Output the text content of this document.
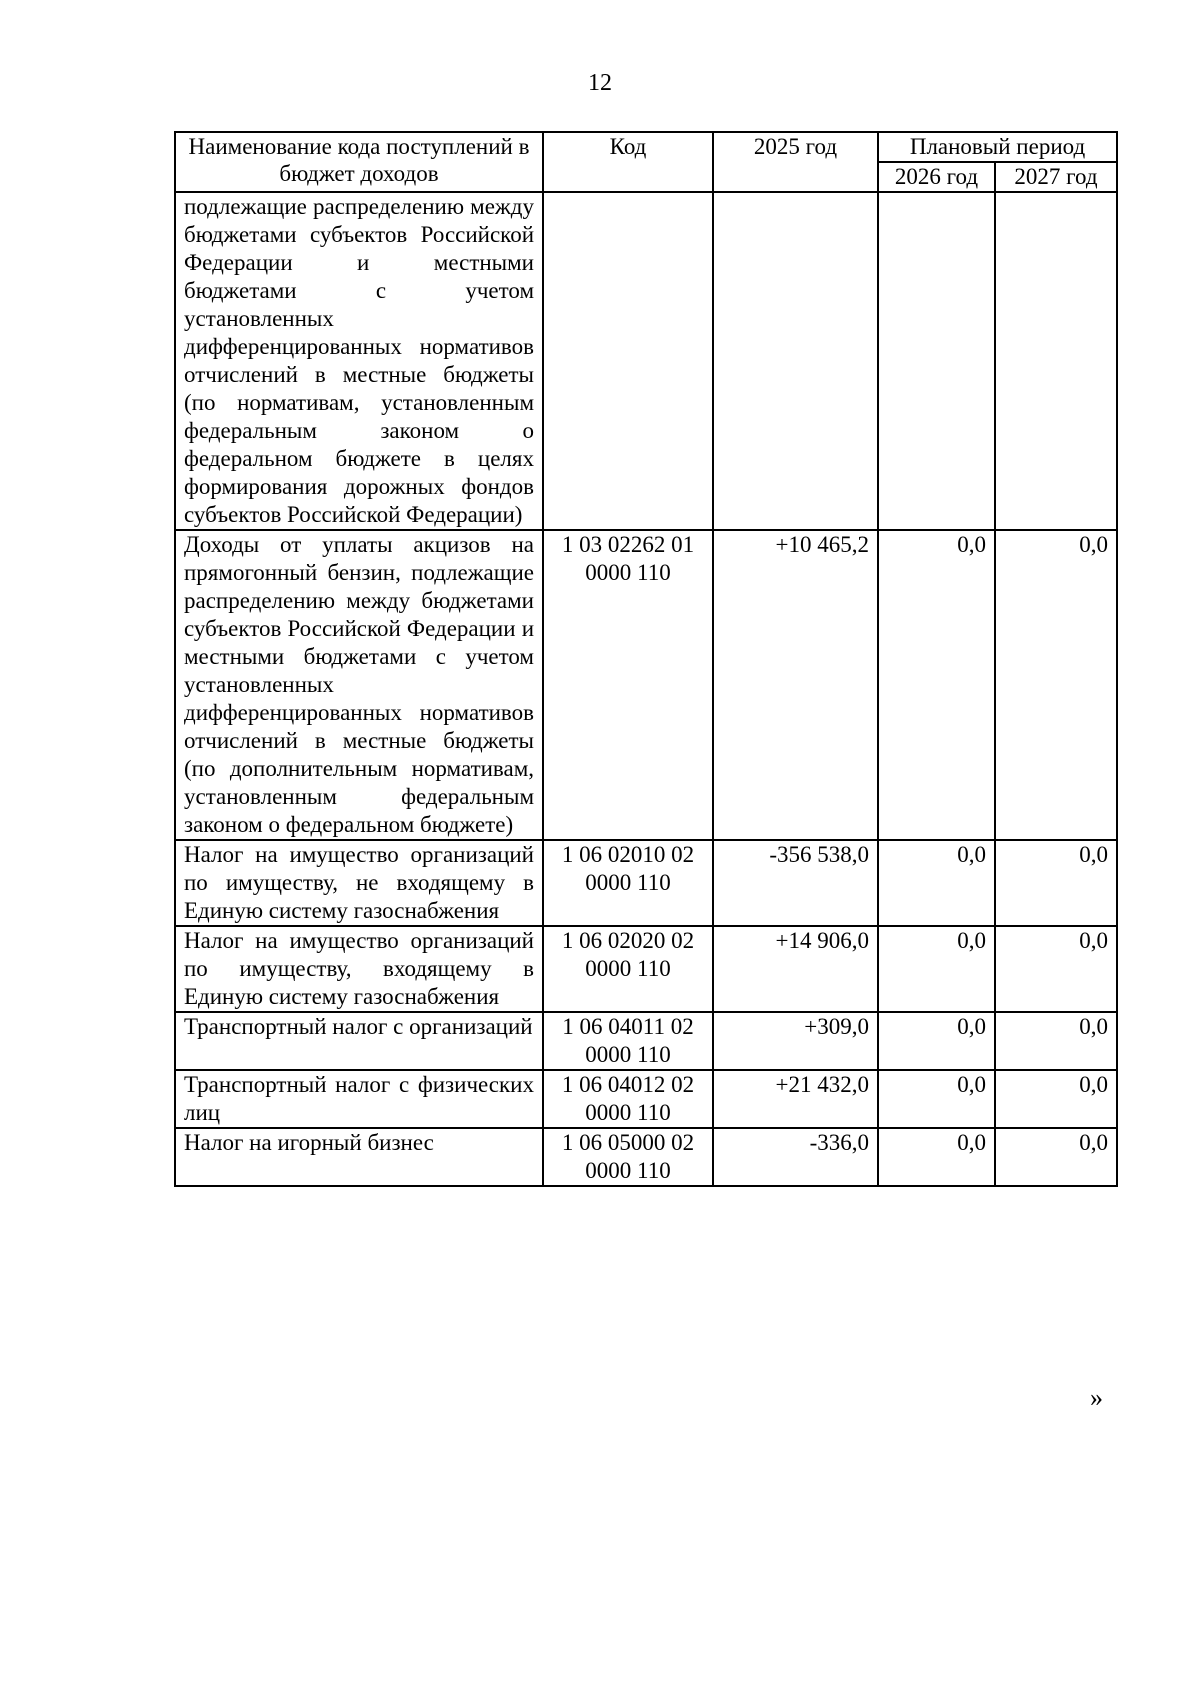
12
Наименование кода поступлений в бюджет доходов	Код	2025 год	Плановый период	
			2026 год	2027 год
подлежащие распределению между бюджетами субъектов Российской Федерации и местными бюджетами с учетом установленных дифференцированных нормативов отчислений в местные бюджеты (по нормативам, установленным федеральным законом о федеральном бюджете в целях формирования дорожных фондов субъектов Российской Федерации)				
Доходы от уплаты акцизов на прямогонный бензин, подлежащие распределению между бюджетами субъектов Российской Федерации и местными бюджетами с учетом установленных дифференцированных нормативов отчислений в местные бюджеты (по дополнительным нормативам, установленным федеральным законом о федеральном бюджете)	1 03 02262 01 0000 110	+10 465,2	0,0	0,0
Налог на имущество организаций по имуществу, не входящему в Единую систему газоснабжения	1 06 02010 02 0000 110	-356 538,0	0,0	0,0
Налог на имущество организаций по имуществу, входящему в Единую систему газоснабжения	1 06 02020 02 0000 110	+14 906,0	0,0	0,0
Транспортный налог с организаций	1 06 04011 02 0000 110	+309,0	0,0	0,0
Транспортный налог с физических лиц	1 06 04012 02 0000 110	+21 432,0	0,0	0,0
Налог на игорный бизнес	1 06 05000 02 0000 110	-336,0	0,0	0,0
»
